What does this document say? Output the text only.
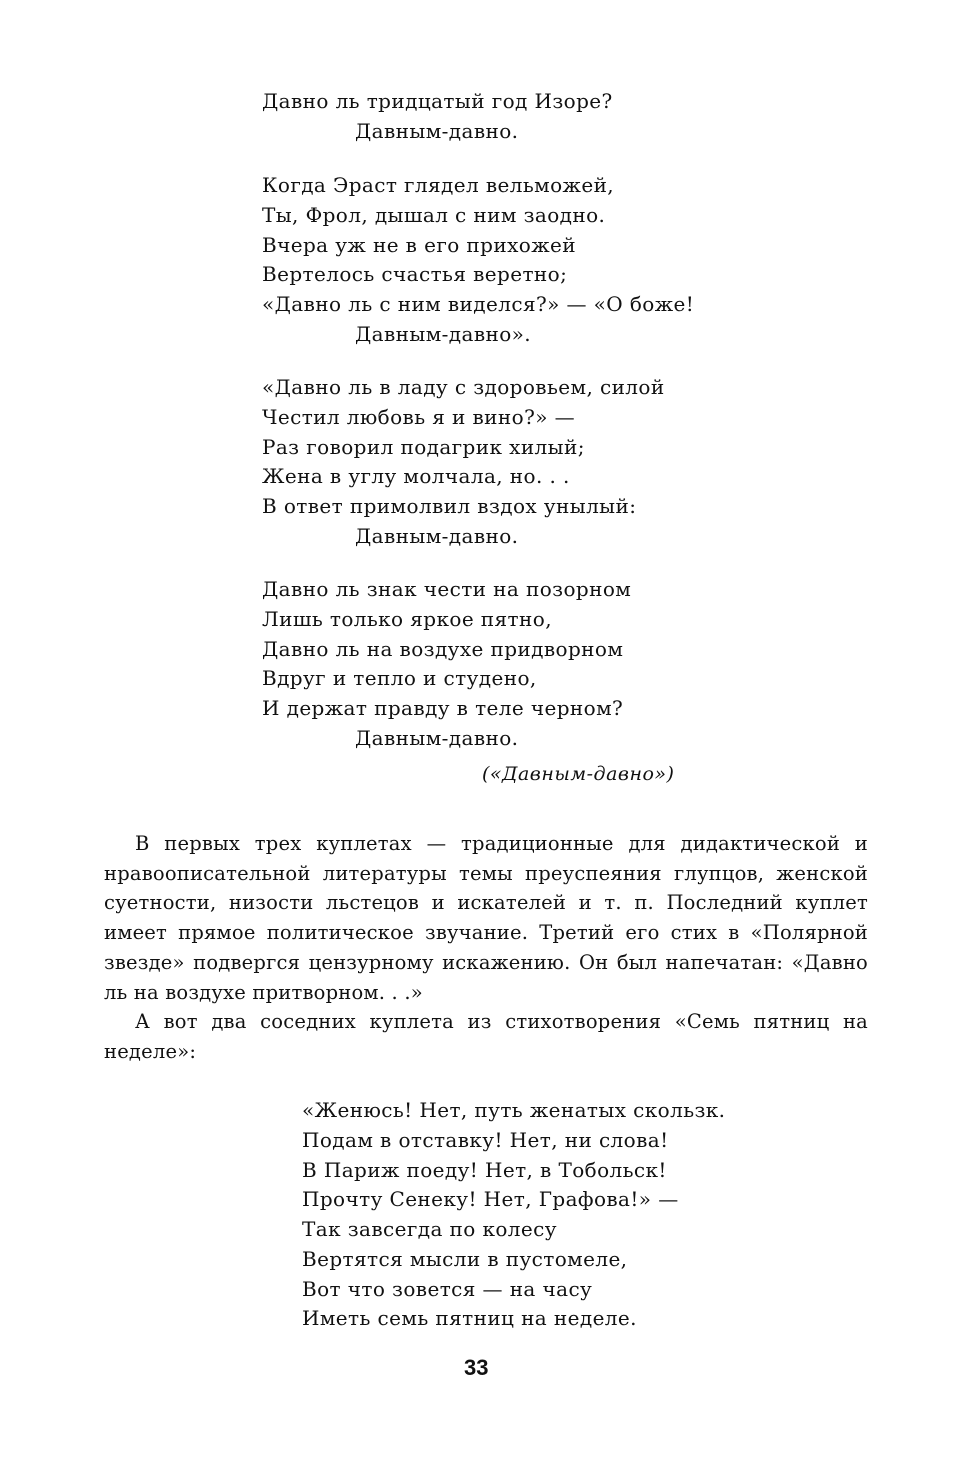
Давно ль тридцатый год Изоре?
Давным-давно.
Когда Эраст глядел вельможей,
Ты, Фрол, дышал с ним заодно.
Вчера уж не в его прихожей
Вертелось счастья веретно;
«Давно ль с ним виделся?» — «О боже!
Давным-давно».
«Давно ль в ладу с здоровьем, силой
Честил любовь я и вино?» —
Раз говорил подагрик хилый;
Жена в углу молчала, но. . .
В ответ примолвил вздох унылый:
Давным-давно.
Давно ль знак чести на позорном
Лишь только яркое пятно,
Давно ль на воздухе придворном
Вдруг и тепло и студено,
И держат правду в теле черном?
Давным-давно.
(«Давным-давно»)

В первых трех куплетах — традиционные для дидактической и нравоописательной литературы темы преуспеяния глупцов, женской суетности, низости льстецов и искателей и т. п. Последний куплет имеет прямое политическое звучание. Третий его стих в «Полярной звезде» подвергся цензурному искажению. Он был напечатан: «Давно ль на воздухе притворном. . .»

А вот два соседних куплета из стихотворения «Семь пятниц на неделе»:

«Женюсь! Нет, путь женатых скользк.
Подам в отставку! Нет, ни слова!
В Париж поеду! Нет, в Тобольск!
Прочту Сенеку! Нет, Графова!» —
Так завсегда по колесу
Вертятся мысли в пустомеле,
Вот что зовется — на часу
Иметь семь пятниц на неделе.
33
